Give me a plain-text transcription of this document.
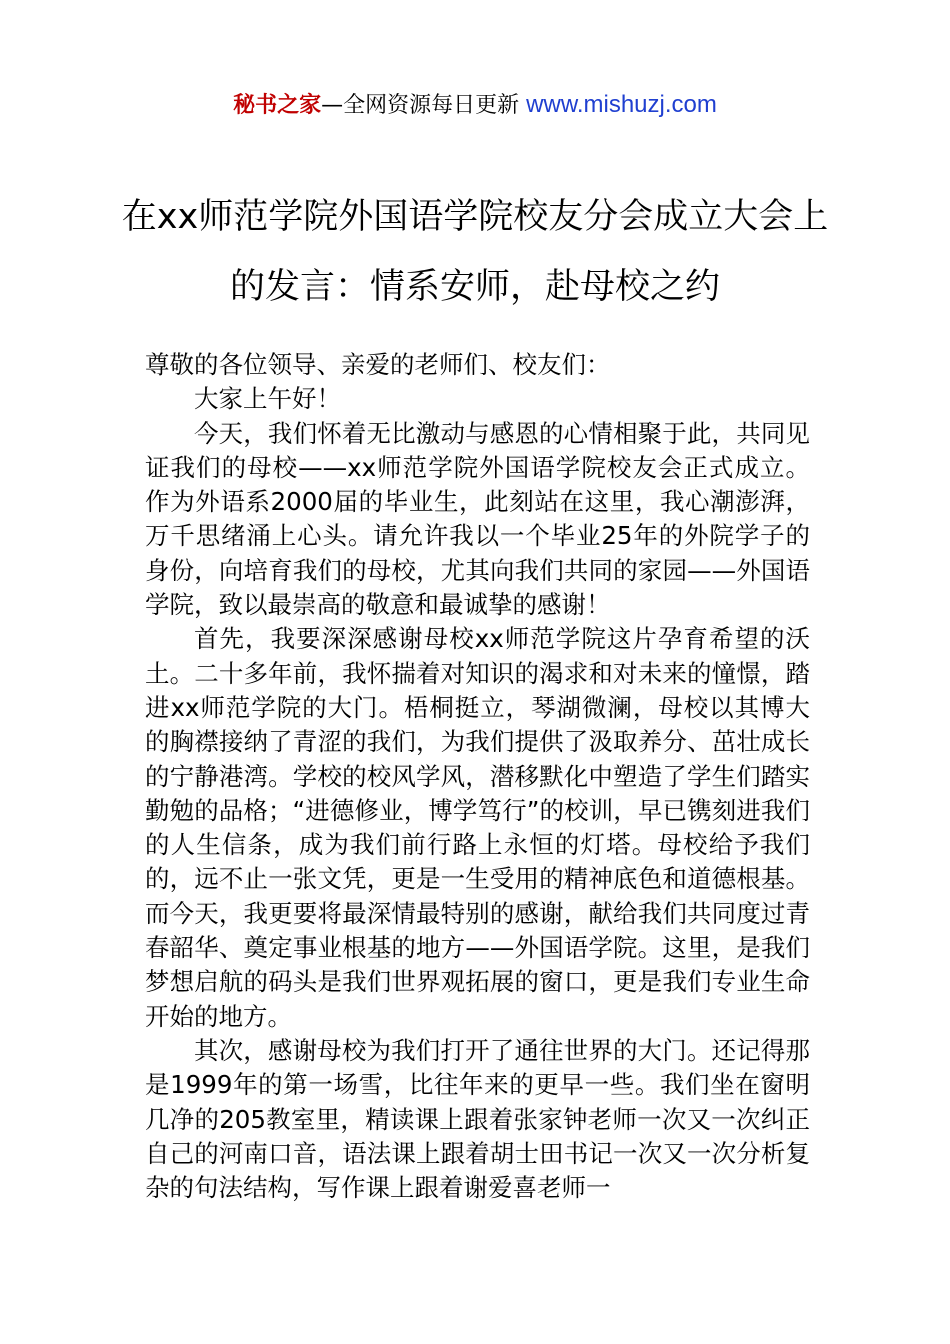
秘书之家—全网资源每日更新 www.mishuzj.com
在xx师范学院外国语学院校友分会成立大会上的发言：情系安师，赴母校之约

尊敬的各位领导、亲爱的老师们、校友们：

大家上午好！

今天，我们怀着无比激动与感恩的心情相聚于此，共同见证我们的母校——xx师范学院外国语学院校友会正式成立。作为外语系2000届的毕业生，此刻站在这里，我心潮澎湃，万千思绪涌上心头。请允许我以一个毕业25年的外院学子的身份，向培育我们的母校，尤其向我们共同的家园——外国语学院，致以最崇高的敬意和最诚挚的感谢！

首先，我要深深感谢母校xx师范学院这片孕育希望的沃土。二十多年前，我怀揣着对知识的渴求和对未来的憧憬，踏进xx师范学院的大门。梧桐挺立，琴湖微澜，母校以其博大的胸襟接纳了青涩的我们，为我们提供了汲取养分、茁壮成长的宁静港湾。学校的校风学风，潜移默化中塑造了学生们踏实勤勉的品格；“进德修业，博学笃行”的校训，早已镌刻进我们的人生信条，成为我们前行路上永恒的灯塔。母校给予我们的，远不止一张文凭，更是一生受用的精神底色和道德根基。而今天，我更要将最深情最特别的感谢，献给我们共同度过青春韶华、奠定事业根基的地方——外国语学院。这里，是我们梦想启航的码头是我们世界观拓展的窗口，更是我们专业生命开始的地方。

其次，感谢母校为我们打开了通往世界的大门。还记得那是1999年的第一场雪，比往年来的更早一些。我们坐在窗明几净的205教室里，精读课上跟着张家钟老师一次又一次纠正自己的河南口音，语法课上跟着胡士田书记一次又一次分析复杂的句法结构，写作课上跟着谢爱喜老师一
